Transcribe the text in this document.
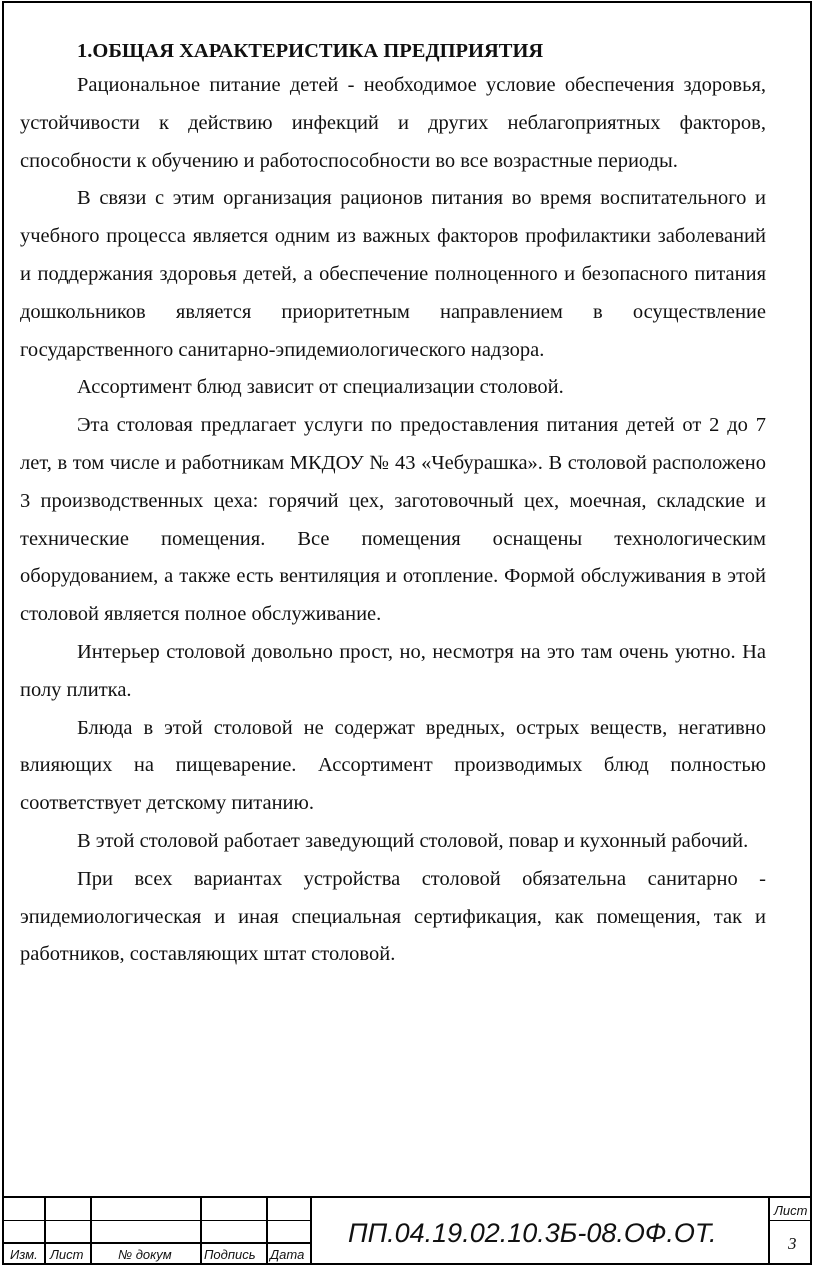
1.ОБЩАЯ ХАРАКТЕРИСТИКА ПРЕДПРИЯТИЯ

Рациональное питание детей - необходимое условие обеспечения здоровья, устойчивости к действию инфекций и других неблагоприятных факторов, способности к обучению и работоспособности во все возрастные периоды.

В связи с этим организация рационов питания во время воспитательного и учебного процесса является одним из важных факторов профилактики заболеваний и поддержания здоровья детей, а обеспечение полноценного и безопасного питания дошкольников является приоритетным направлением в осуществление государственного санитарно-эпидемиологического надзора.

Ассортимент блюд зависит от специализации столовой.

Эта столовая предлагает услуги по предоставления питания детей от 2 до 7 лет, в том числе и работникам МКДОУ № 43 «Чебурашка». В столовой расположено 3 производственных цеха: горячий цех, заготовочный цех, моечная, складские и технические помещения. Все помещения оснащены технологическим оборудованием, а также есть вентиляция и отопление. Формой обслуживания в этой столовой является полное обслуживание.

Интерьер столовой довольно прост, но, несмотря на это там очень уютно. На полу плитка.

Блюда в этой столовой не содержат вредных, острых веществ, негативно влияющих на пищеварение. Ассортимент производимых блюд полностью соответствует детскому питанию.

В этой столовой работает заведующий столовой, повар и кухонный рабочий.

При всех вариантах устройства столовой обязательна санитарно - эпидемиологическая и иная специальная сертификация, как помещения, так и работников, составляющих штат столовой.

Изм. Лист	№ докум Подпись Дата
ПП.04.19.02.10.3Б-08.ОФ.ОТ.
Лист
3
